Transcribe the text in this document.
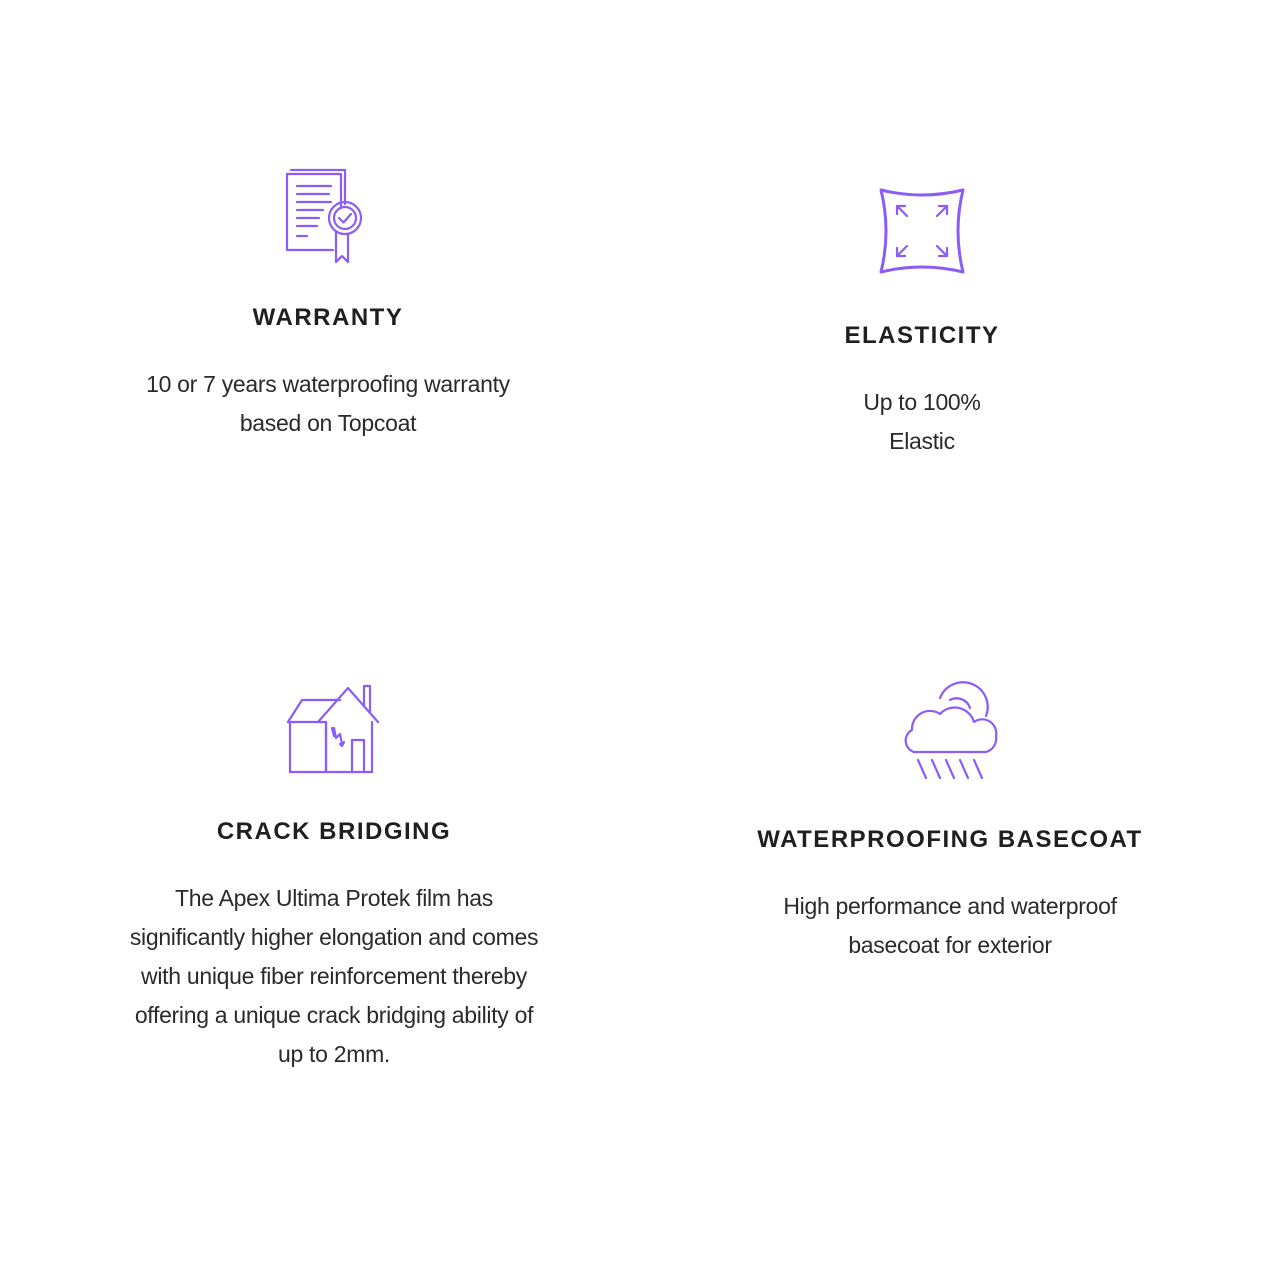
WARRANTY

10 or 7 years waterproofing warranty
based on Topcoat

ELASTICITY

Up to 100%
Elastic

CRACK BRIDGING

The Apex Ultima Protek film has
significantly higher elongation and comes
with unique fiber reinforcement thereby
offering a unique crack bridging ability of
up to 2mm.

WATERPROOFING BASECOAT

High performance and waterproof
basecoat for exterior
